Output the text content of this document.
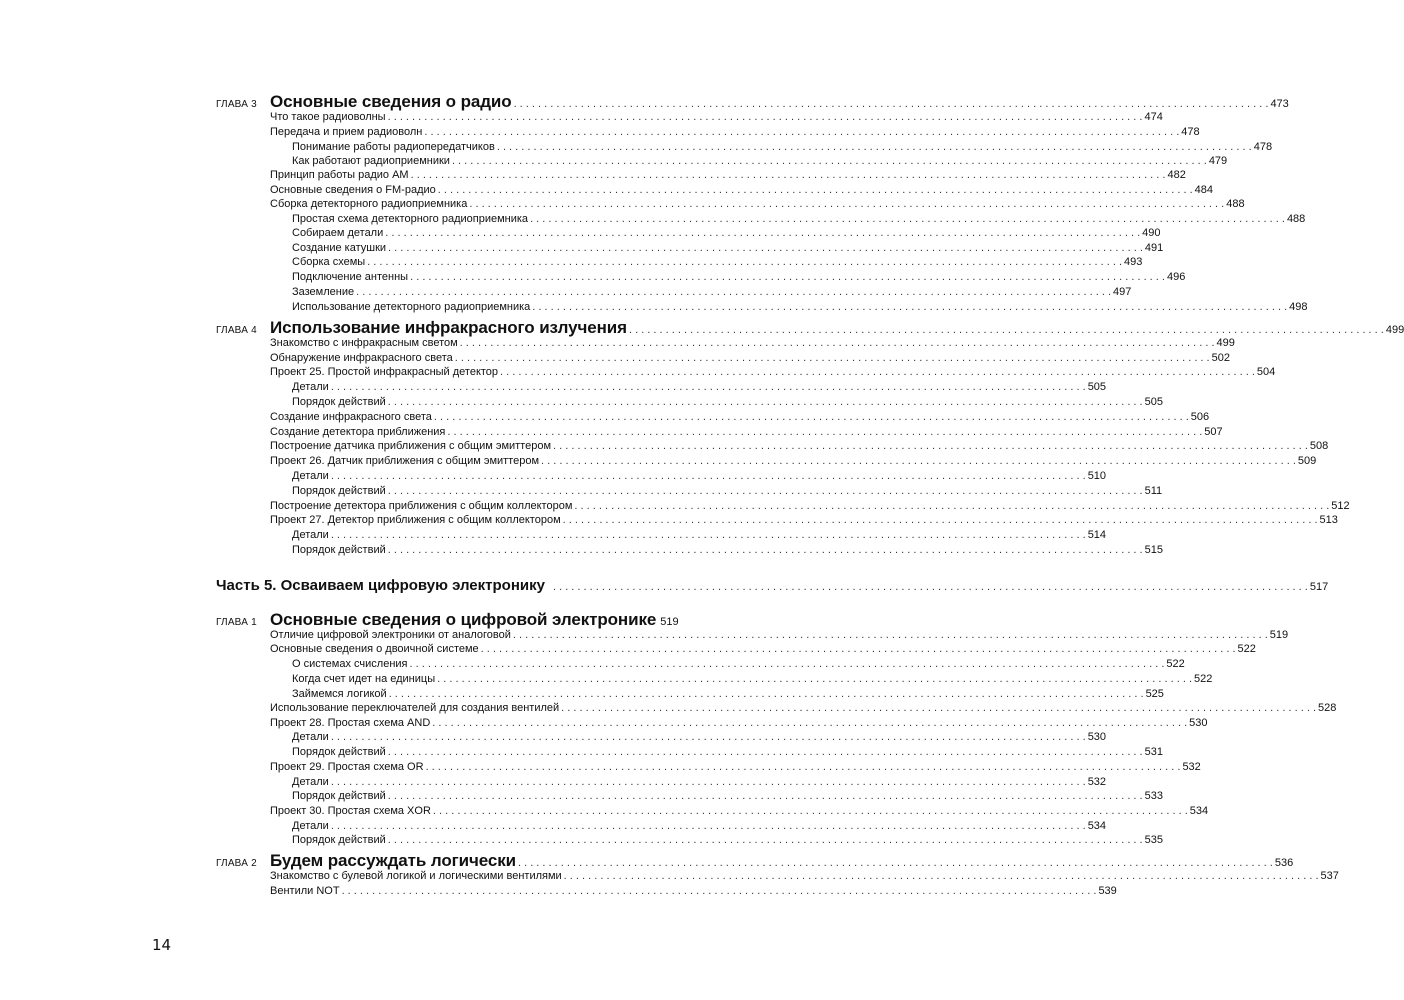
ГЛАВА 3 Основные сведения о радио . . .	473
Что такое радиоволны . . .	474
Передача и прием радиоволн . . .	478
Понимание работы радиопередатчиков . . .	478
Как работают радиоприемники . . .	479
Принцип работы радио AM . . .	482
Основные сведения о FM-радио . . .	484
Сборка детекторного радиоприемника . . .	488
Простая схема детекторного радиоприемника . . .	488
Собираем детали . . .	490
Создание катушки . . .	491
Сборка схемы . . .	493
Подключение антенны . . .	496
Заземление . . .	497
Использование детекторного радиоприемника . . .	498
ГЛАВА 4 Использование инфракрасного излучения . . .	499
Знакомство с инфракрасным светом . . .	499
Обнаружение инфракрасного света . . .	502
Проект 25. Простой инфракрасный детектор . . .	504
Детали . . .	505
Порядок действий . . .	505
Создание инфракрасного света . . .	506
Создание детектора приближения . . .	507
Построение датчика приближения с общим эмиттером . . .	508
Проект 26. Датчик приближения с общим эмиттером . . .	509
Детали . . .	510
Порядок действий . . .	511
Построение детектора приближения с общим коллектором . . .	512
Проект 27. Детектор приближения с общим коллектором . . .	513
Детали . . .	514
Порядок действий . . .	515
Часть 5. Осваиваем цифровую электронику . . .	517
ГЛАВА 1 Основные сведения о цифровой электронике 519
Отличие цифровой электроники от аналоговой . . .	519
Основные сведения о двоичной системе . . .	522
О системах счисления . . .	522
Когда счет идет на единицы . . .	522
Займемся логикой . . .	525
Использование переключателей для создания вентилей . . .	528
Проект 28. Простая схема AND . . .	530
Детали . . .	530
Порядок действий . . .	531
Проект 29. Простая схема OR . . .	532
Детали . . .	532
Порядок действий . . .	533
Проект 30. Простая схема XOR . . .	534
Детали . . .	534
Порядок действий . . .	535
ГЛАВА 2 Будем рассуждать логически . . .	536
Знакомство с булевой логикой и логическими вентилями . . .	537
Вентили NOT . . .	539
14
